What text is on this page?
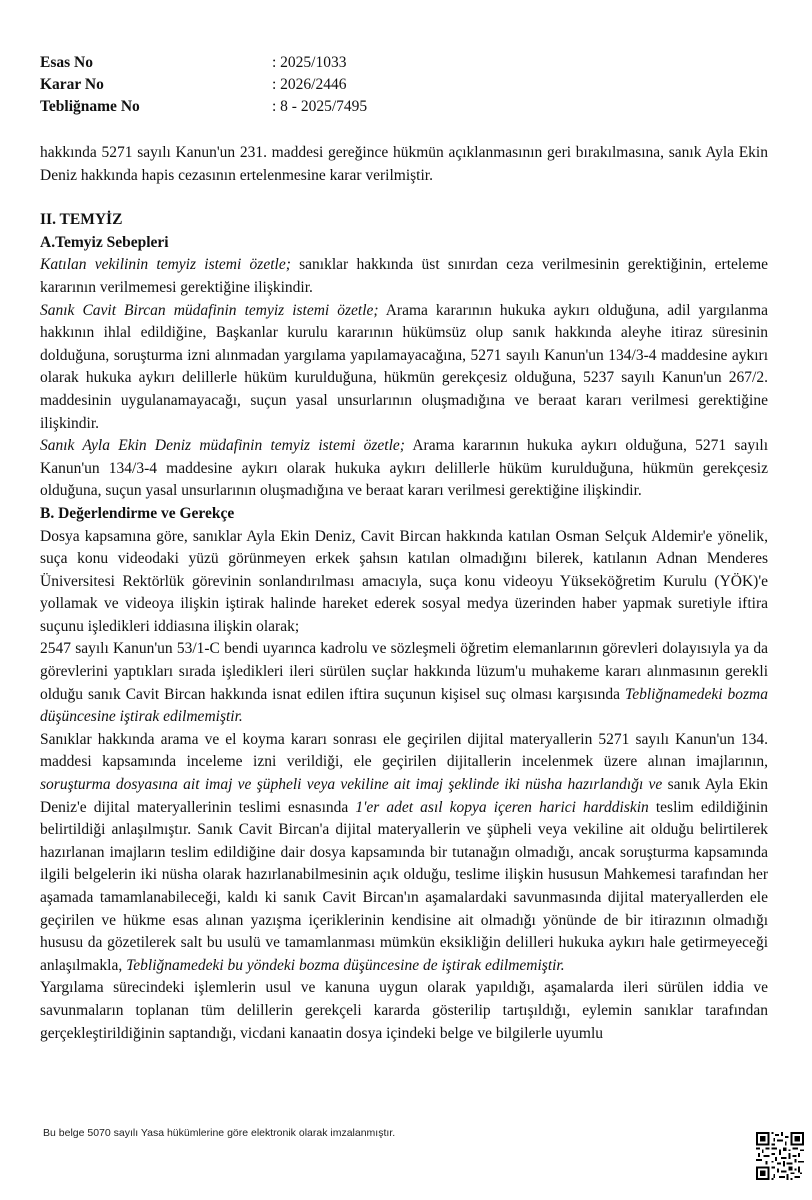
Esas No	: 2025/1033
Karar No	: 2026/2446
Tebliğname No	: 8 - 2025/7495

hakkında 5271 sayılı Kanun'un 231. maddesi gereğince hükmün açıklanmasının geri bırakılmasına, sanık Ayla Ekin Deniz hakkında hapis cezasının ertelenmesine karar verilmiştir.

II. TEMYİZ

A.Temyiz Sebepleri

Katılan vekilinin temyiz istemi özetle; sanıklar hakkında üst sınırdan ceza verilmesinin gerektiğinin, erteleme kararının verilmemesi gerektiğine ilişkindir.

Sanık Cavit Bircan müdafinin temyiz istemi özetle; Arama kararının hukuka aykırı olduğuna, adil yargılanma hakkının ihlal edildiğine, Başkanlar kurulu kararının hükümsüz olup sanık hakkında aleyhe itiraz süresinin dolduğuna, soruşturma izni alınmadan yargılama yapılamayacağına, 5271 sayılı Kanun'un 134/3-4 maddesine aykırı olarak hukuka aykırı delillerle hüküm kurulduğuna, hükmün gerekçesiz olduğuna, 5237 sayılı Kanun'un 267/2. maddesinin uygulanamayacağı, suçun yasal unsurlarının oluşmadığına ve beraat kararı verilmesi gerektiğine ilişkindir.

Sanık Ayla Ekin Deniz müdafinin temyiz istemi özetle; Arama kararının hukuka aykırı olduğuna, 5271 sayılı Kanun'un 134/3-4 maddesine aykırı olarak hukuka aykırı delillerle hüküm kurulduğuna, hükmün gerekçesiz olduğuna, suçun yasal unsurlarının oluşmadığına ve beraat kararı verilmesi gerektiğine ilişkindir.

B. Değerlendirme ve Gerekçe

Dosya kapsamına göre, sanıklar Ayla Ekin Deniz, Cavit Bircan hakkında katılan Osman Selçuk Aldemir'e yönelik, suça konu videodaki yüzü görünmeyen erkek şahsın katılan olmadığını bilerek, katılanın Adnan Menderes Üniversitesi Rektörlük görevinin sonlandırılması amacıyla, suça konu videoyu Yükseköğretim Kurulu (YÖK)'e yollamak ve videoya ilişkin iştirak halinde hareket ederek sosyal medya üzerinden haber yapmak suretiyle iftira suçunu işledikleri iddiasına ilişkin olarak;

2547 sayılı Kanun'un 53/1-C bendi uyarınca kadrolu ve sözleşmeli öğretim elemanlarının görevleri dolayısıyla ya da görevlerini yaptıkları sırada işledikleri ileri sürülen suçlar hakkında lüzum'u muhakeme kararı alınmasının gerekli olduğu sanık Cavit Bircan hakkında isnat edilen iftira suçunun kişisel suç olması karşısında Tebliğnamedeki bozma düşüncesine iştirak edilmemiştir.

Sanıklar hakkında arama ve el koyma kararı sonrası ele geçirilen dijital materyallerin 5271 sayılı Kanun'un 134. maddesi kapsamında inceleme izni verildiği, ele geçirilen dijitallerin incelenmek üzere alınan imajlarının, soruşturma dosyasına ait imaj ve şüpheli veya vekiline ait imaj şeklinde iki nüsha hazırlandığı ve sanık Ayla Ekin Deniz'e dijital materyallerinin teslimi esnasında 1'er adet asıl kopya içeren harici harddiskin teslim edildiğinin belirtildiği anlaşılmıştır. Sanık Cavit Bircan'a dijital materyallerin ve şüpheli veya vekiline ait olduğu belirtilerek hazırlanan imajların teslim edildiğine dair dosya kapsamında bir tutanağın olmadığı, ancak soruşturma kapsamında ilgili belgelerin iki nüsha olarak hazırlanabilmesinin açık olduğu, teslime ilişkin hususun Mahkemesi tarafından her aşamada tamamlanabileceği, kaldı ki sanık Cavit Bircan'ın aşamalardaki savunmasında dijital materyallerden ele geçirilen ve hükme esas alınan yazışma içeriklerinin kendisine ait olmadığı yönünde de bir itirazının olmadığı hususu da gözetilerek salt bu usulü ve tamamlanması mümkün eksikliğin delilleri hukuka aykırı hale getirmeyeceği anlaşılmakla, Tebliğnamedeki bu yöndeki bozma düşüncesine de iştirak edilmemiştir.

Yargılama sürecindeki işlemlerin usul ve kanuna uygun olarak yapıldığı, aşamalarda ileri sürülen iddia ve savunmaların toplanan tüm delillerin gerekçeli kararda gösterilip tartışıldığı, eylemin sanıklar tarafından gerçekleştirildiğinin saptandığı, vicdani kanaatin dosya içindeki belge ve bilgilerle uyumlu

Bu belge 5070 sayılı Yasa hükümlerine göre elektronik olarak imzalanmıştır.
